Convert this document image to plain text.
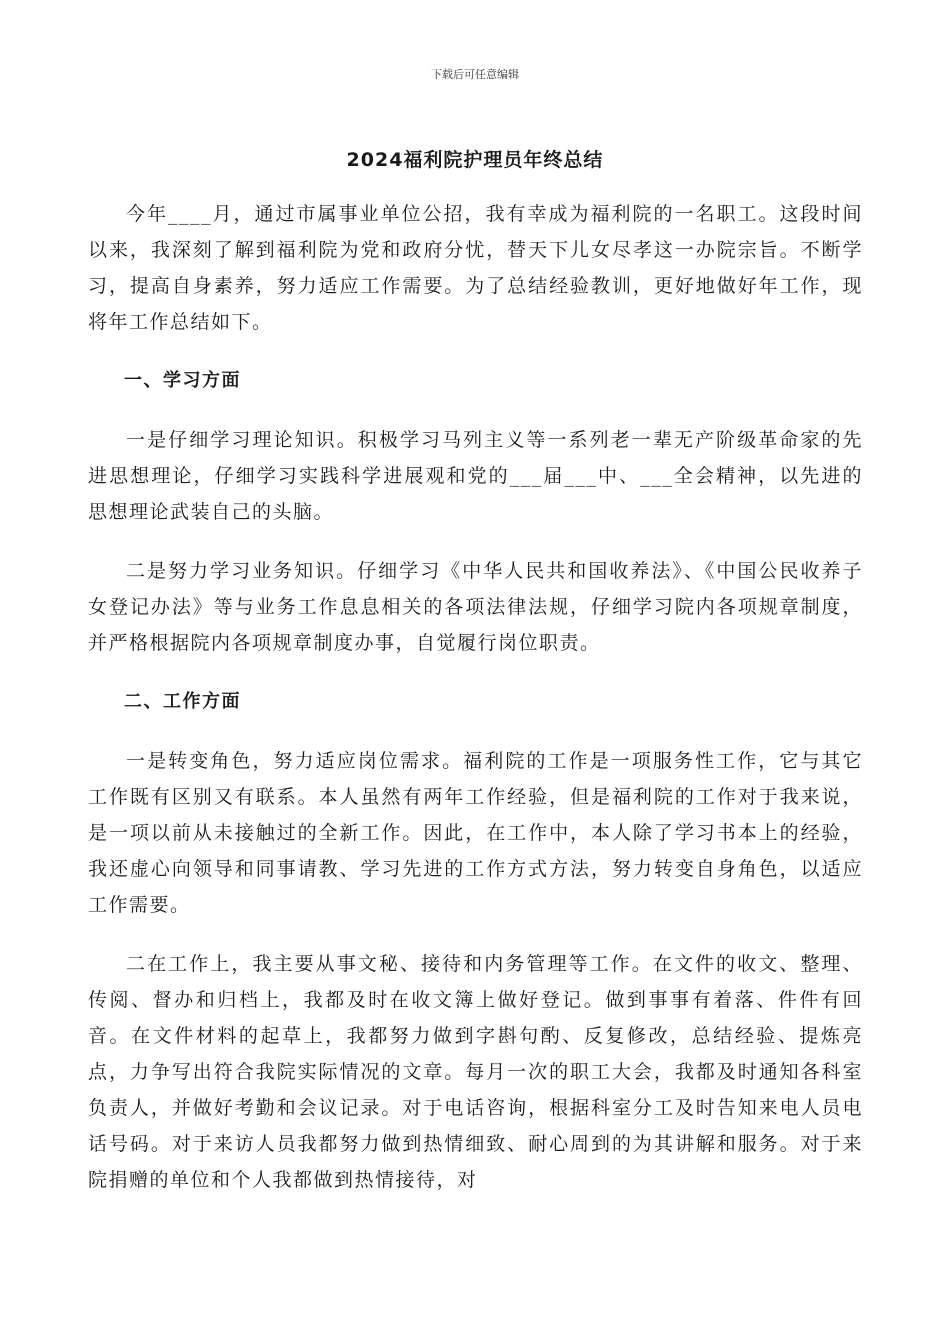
下载后可任意编辑
2024福利院护理员年终总结

今年____月，通过市属事业单位公招，我有幸成为福利院的一名职工。这段时间以来，我深刻了解到福利院为党和政府分忧，替天下儿女尽孝这一办院宗旨。不断学习，提高自身素养，努力适应工作需要。为了总结经验教训，更好地做好年工作，现将年工作总结如下。

一、学习方面

一是仔细学习理论知识。积极学习马列主义等一系列老一辈无产阶级革命家的先进思想理论，仔细学习实践科学进展观和党的___届___中、___全会精神，以先进的思想理论武装自己的头脑。

二是努力学习业务知识。仔细学习《中华人民共和国收养法》、《中国公民收养子女登记办法》等与业务工作息息相关的各项法律法规，仔细学习院内各项规章制度，并严格根据院内各项规章制度办事，自觉履行岗位职责。

二、工作方面

一是转变角色，努力适应岗位需求。福利院的工作是一项服务性工作，它与其它工作既有区别又有联系。本人虽然有两年工作经验，但是福利院的工作对于我来说，是一项以前从未接触过的全新工作。因此，在工作中，本人除了学习书本上的经验，我还虚心向领导和同事请教、学习先进的工作方式方法，努力转变自身角色，以适应工作需要。

二在工作上，我主要从事文秘、接待和内务管理等工作。在文件的收文、整理、传阅、督办和归档上，我都及时在收文簿上做好登记。做到事事有着落、件件有回音。在文件材料的起草上，我都努力做到字斟句酌、反复修改，总结经验、提炼亮点，力争写出符合我院实际情况的文章。每月一次的职工大会，我都及时通知各科室负责人，并做好考勤和会议记录。对于电话咨询，根据科室分工及时告知来电人员电话号码。对于来访人员我都努力做到热情细致、耐心周到的为其讲解和服务。对于来院捐赠的单位和个人我都做到热情接待，对
